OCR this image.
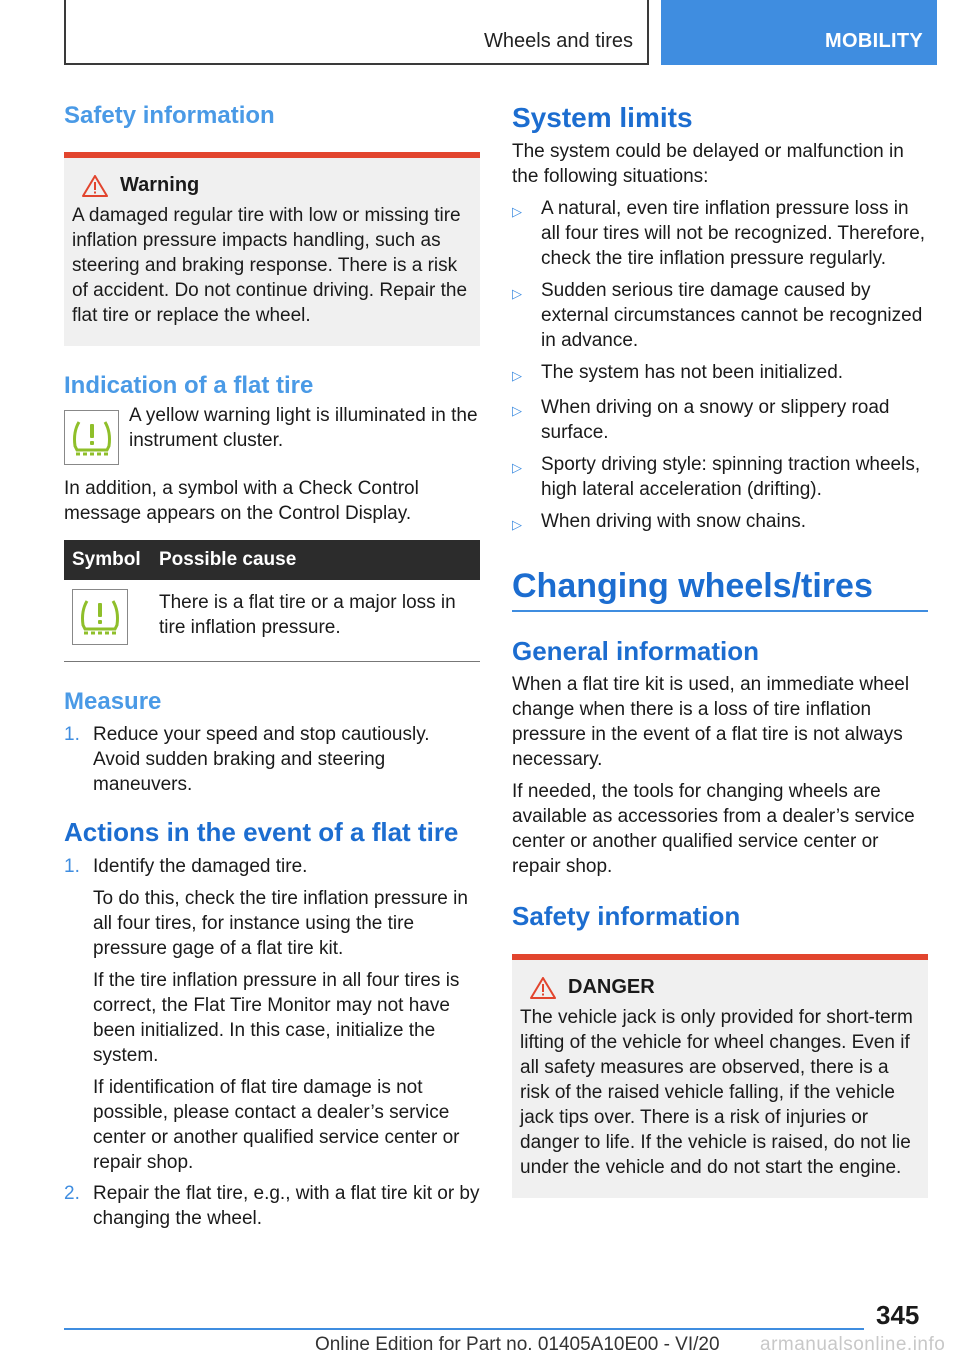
Wheels and tires	MOBILITY
Safety information
Warning

A damaged regular tire with low or missing tire inflation pressure impacts handling, such as steering and braking response. There is a risk of accident. Do not continue driving. Repair the flat tire or replace the wheel.

Indication of a flat tire

A yellow warning light is illuminated in the instrument cluster.

In addition, a symbol with a Check Control message appears on the Control Display.

Symbol	Possible cause

	There is a flat tire or a major loss in tire inflation pressure.
Measure
1. Reduce your speed and stop cautiously. Avoid sudden braking and steering maneuvers.
Actions in the event of a flat tire
1. Identify the damaged tire.

To do this, check the tire inflation pressure in all four tires, for instance using the tire pressure gage of a flat tire kit.

If the tire inflation pressure in all four tires is correct, the Flat Tire Monitor may not have been initialized. In this case, initialize the system.

If identification of flat tire damage is not possible, please contact a dealer’s service center or another qualified service center or repair shop.

2. Repair the flat tire, e.g., with a flat tire kit or by changing the wheel.

System limits

The system could be delayed or malfunction in the following situations:

▷	A natural, even tire inflation pressure loss in all four tires will not be recognized. Therefore, check the tire inflation pressure regularly.
▷	Sudden serious tire damage caused by external circumstances cannot be recognized in advance.
▷	The system has not been initialized.
▷	When driving on a snowy or slippery road surface.
▷	Sporty driving style: spinning traction wheels, high lateral acceleration (drifting).
▷	When driving with snow chains.
Changing wheels/tires
General information

When a flat tire kit is used, an immediate wheel change when there is a loss of tire inflation pressure in the event of a flat tire is not always necessary.

If needed, the tools for changing wheels are available as accessories from a dealer’s service center or another qualified service center or repair shop.

Safety information
DANGER

The vehicle jack is only provided for short-term lifting of the vehicle for wheel changes. Even if all safety measures are observed, there is a risk of the raised vehicle falling, if the vehicle jack tips over. There is a risk of injuries or danger to life. If the vehicle is raised, do not lie under the vehicle and do not start the engine.

345
Online Edition for Part no. 01405A10E00 - VI/20 armanualsonline.info
